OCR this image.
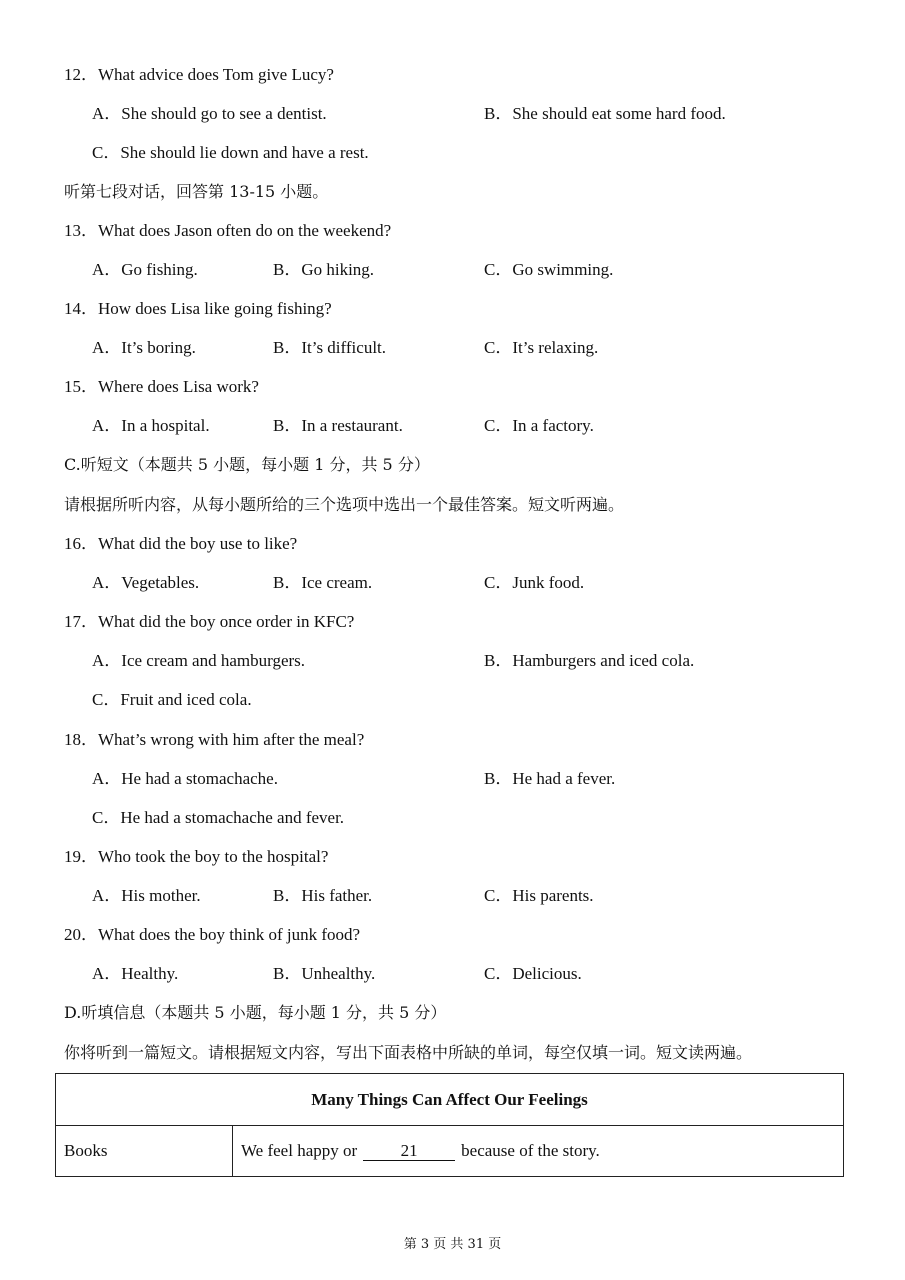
12．What advice does Tom give Lucy?
A．She should go to see a dentist.	B．She should eat some hard food.
C．She should lie down and have a rest.
听第七段对话，回答第 13-15 小题。
13．What does Jason often do on the weekend?
A．Go fishing.	B．Go hiking.	C．Go swimming.
14．How does Lisa like going fishing?
A．It’s boring.	B．It’s difficult.	C．It’s relaxing.
15．Where does Lisa work?
A．In a hospital.	B．In a restaurant.	C．In a factory.
C.听短文（本题共 5 小题，每小题 1 分，共 5 分）
请根据所听内容，从每小题所给的三个选项中选出一个最佳答案。短文听两遍。
16．What did the boy use to like?
A．Vegetables.	B．Ice cream.	C．Junk food.
17．What did the boy once order in KFC?
A．Ice cream and hamburgers.	B．Hamburgers and iced cola.
C．Fruit and iced cola.
18．What’s wrong with him after the meal?
A．He had a stomachache.	B．He had a fever.
C．He had a stomachache and fever.
19．Who took the boy to the hospital?
A．His mother.	B．His father.	C．His parents.
20．What does the boy think of junk food?
A．Healthy.	B．Unhealthy.	C．Delicious.
D.听填信息（本题共 5 小题，每小题 1 分，共 5 分）
你将听到一篇短文。请根据短文内容，写出下面表格中所缺的单词，每空仅填一词。短文读两遍。
Many Things Can Affect Our Feelings
Books	We feel happy or	21	because of the story.
第 3 页 共 31 页
